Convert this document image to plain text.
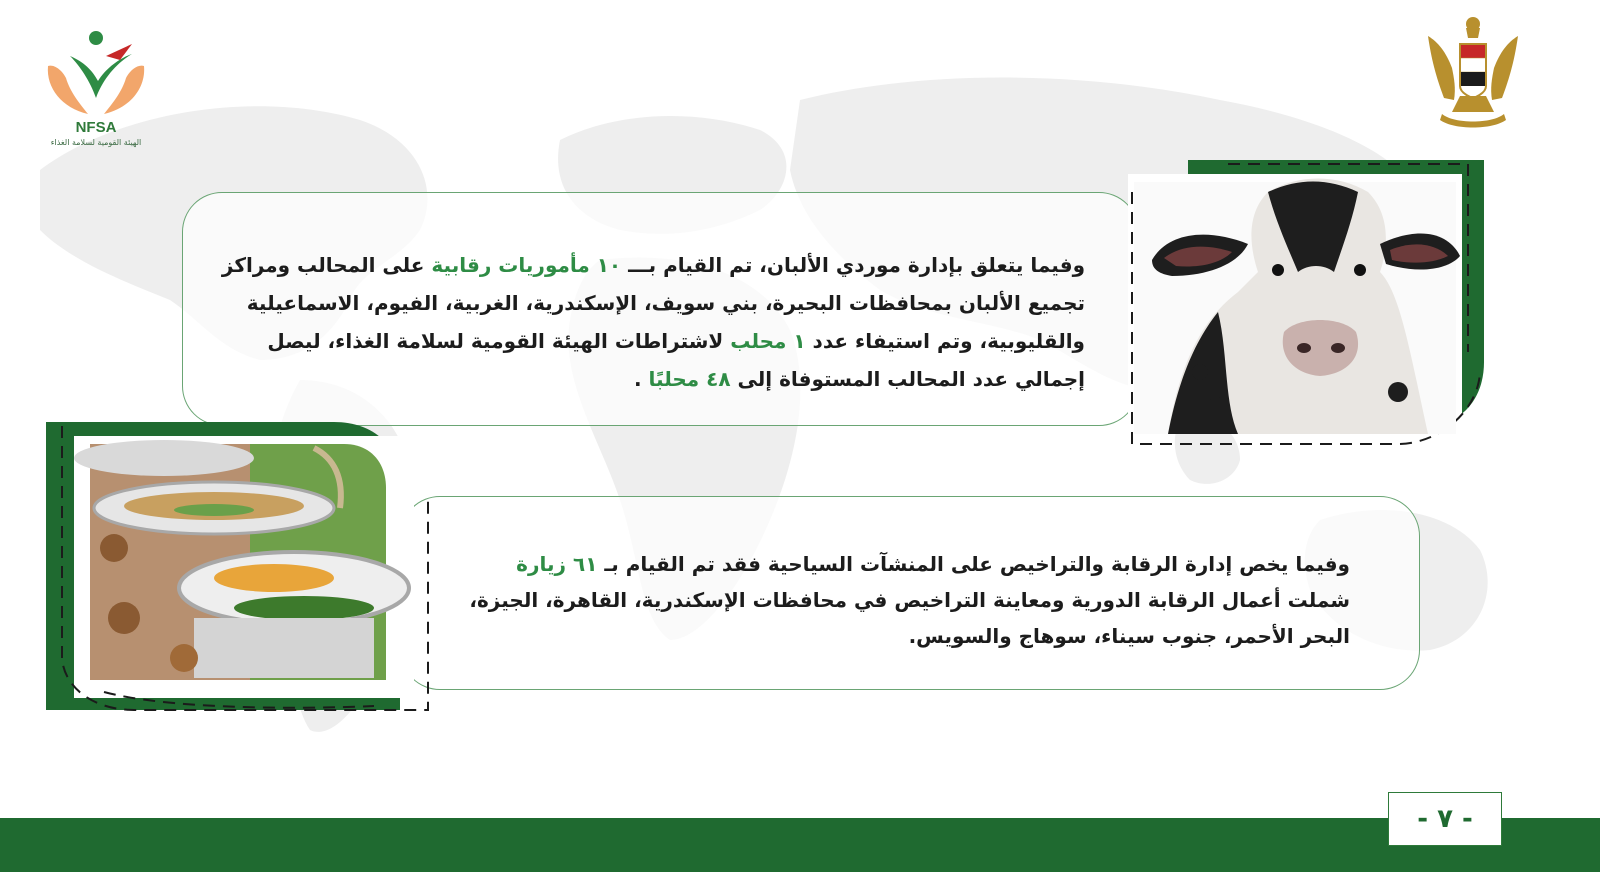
NFSA
الهيئة القومية لسلامة الغذاء

وفيما يتعلق بإدارة موردي الألبان، تم القيام بـــ ١٠ مأموريات رقابية على المحالب ومراكز تجميع الألبان بمحافظات البحيرة، بني سويف، الإسكندرية، الغربية، الفيوم، الاسماعيلية والقليوبية، وتم استيفاء عدد ١ محلب لاشتراطات الهيئة القومية لسلامة الغذاء، ليصل إجمالي عدد المحالب المستوفاة إلى ٤٨ محلبًا .

وفيما يخص إدارة الرقابة والتراخيص على المنشآت السياحية فقد تم القيام بـ ٦١ زيارة شملت أعمال الرقابة الدورية ومعاينة التراخيص في محافظات الإسكندرية، القاهرة، الجيزة، البحر الأحمر، جنوب سيناء، سوهاج والسويس.

- ٧ -
